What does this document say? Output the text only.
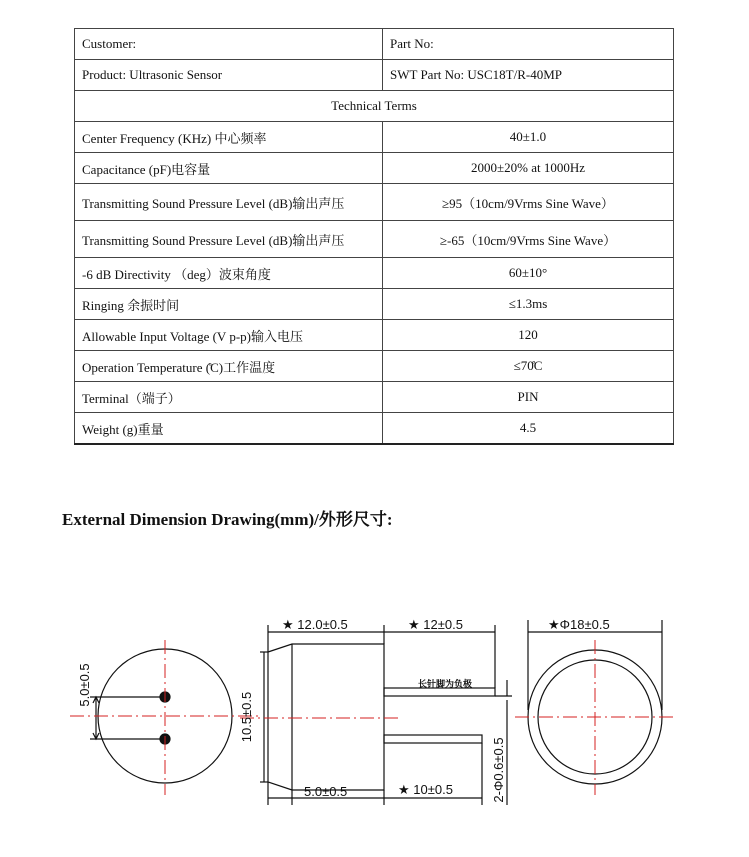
Customer:	Part No:
Product: Ultrasonic Sensor	SWT Part No: USC18T/R-40MP
Technical Terms	
Center Frequency (KHz) 中心频率	40±1.0
Capacitance (pF)电容量	2000±20% at 1000Hz
Transmitting Sound Pressure Level (dB)输出声压	≥95（10cm/9Vrms Sine Wave）
Transmitting Sound Pressure Level (dB)输出声压	≥-65（10cm/9Vrms Sine Wave）
-6 dB Directivity （deg）波束角度	60±10°
Ringing 余振时间	≤1.3ms
Allowable Input Voltage (V p-p)输入电压	120
Operation Temperature (̊C)工作温度	≤70̊C
Terminal（端子）	PIN
Weight (g)重量	4.5
External Dimension Drawing(mm)/外形尺寸:
5.0±0.5
10.5±0.5
★ 12.0±0.5	★ 12±0.5
长针脚为负极
5.0±0.5	★ 10±0.5	2-Φ0.6±0.5
★Φ18±0.5
